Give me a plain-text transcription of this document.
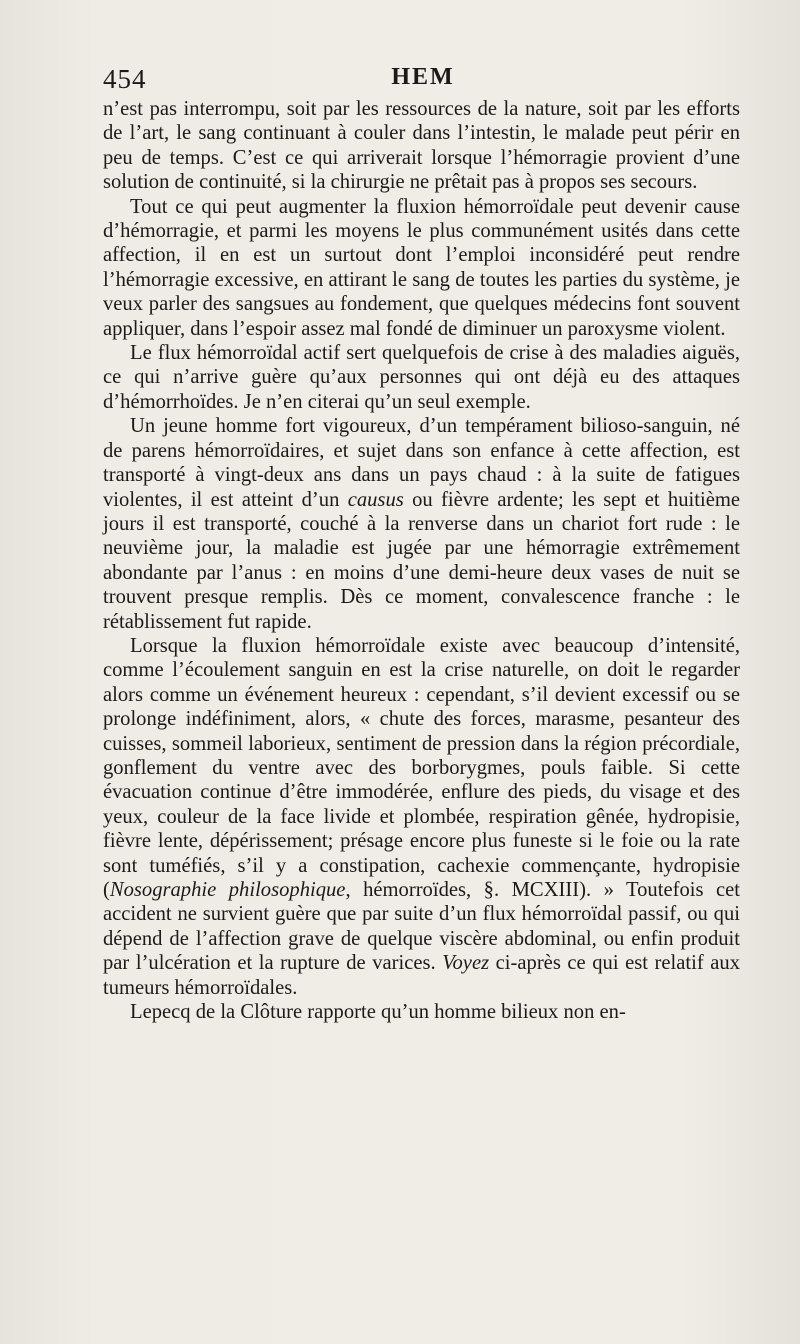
454	HEM

n’est pas interrompu, soit par les ressources de la nature, soit par les efforts de l’art, le sang continuant à couler dans l’intestin, le malade peut périr en peu de temps. C’est ce qui arriverait lorsque l’hémorragie provient d’une solution de continuité, si la chirurgie ne prêtait pas à propos ses secours.

Tout ce qui peut augmenter la fluxion hémorroïdale peut devenir cause d’hémorragie, et parmi les moyens le plus communément usités dans cette affection, il en est un surtout dont l’emploi inconsidéré peut rendre l’hémorragie excessive, en attirant le sang de toutes les parties du système, je veux parler des sangsues au fondement, que quelques médecins font souvent appliquer, dans l’espoir assez mal fondé de diminuer un paroxysme violent.

Le flux hémorroïdal actif sert quelquefois de crise à des maladies aiguës, ce qui n’arrive guère qu’aux personnes qui ont déjà eu des attaques d’hémorrhoïdes. Je n’en citerai qu’un seul exemple.

Un jeune homme fort vigoureux, d’un tempérament bilioso-sanguin, né de parens hémorroïdaires, et sujet dans son enfance à cette affection, est transporté à vingt-deux ans dans un pays chaud : à la suite de fatigues violentes, il est atteint d’un causus ou fièvre ardente; les sept et huitième jours il est transporté, couché à la renverse dans un chariot fort rude : le neuvième jour, la maladie est jugée par une hémorragie extrêmement abondante par l’anus : en moins d’une demi-heure deux vases de nuit se trouvent presque remplis. Dès ce moment, convalescence franche : le rétablissement fut rapide.

Lorsque la fluxion hémorroïdale existe avec beaucoup d’intensité, comme l’écoulement sanguin en est la crise naturelle, on doit le regarder alors comme un événement heureux : cependant, s’il devient excessif ou se prolonge indéfiniment, alors, « chute des forces, marasme, pesanteur des cuisses, sommeil laborieux, sentiment de pression dans la région précordiale, gonflement du ventre avec des borborygmes, pouls faible. Si cette évacuation continue d’être immodérée, enflure des pieds, du visage et des yeux, couleur de la face livide et plombée, respiration gênée, hydropisie, fièvre lente, dépérissement; présage encore plus funeste si le foie ou la rate sont tuméfiés, s’il y a constipation, cachexie commençante, hydropisie (Nosographie philosophique, hémorroïdes, §. MCXIII). » Toutefois cet accident ne survient guère que par suite d’un flux hémorroïdal passif, ou qui dépend de l’affection grave de quelque viscère abdominal, ou enfin produit par l’ulcération et la rupture de varices. Voyez ci-après ce qui est relatif aux tumeurs hémorroïdales.

Lepecq de la Clôture rapporte qu’un homme bilieux non en-
